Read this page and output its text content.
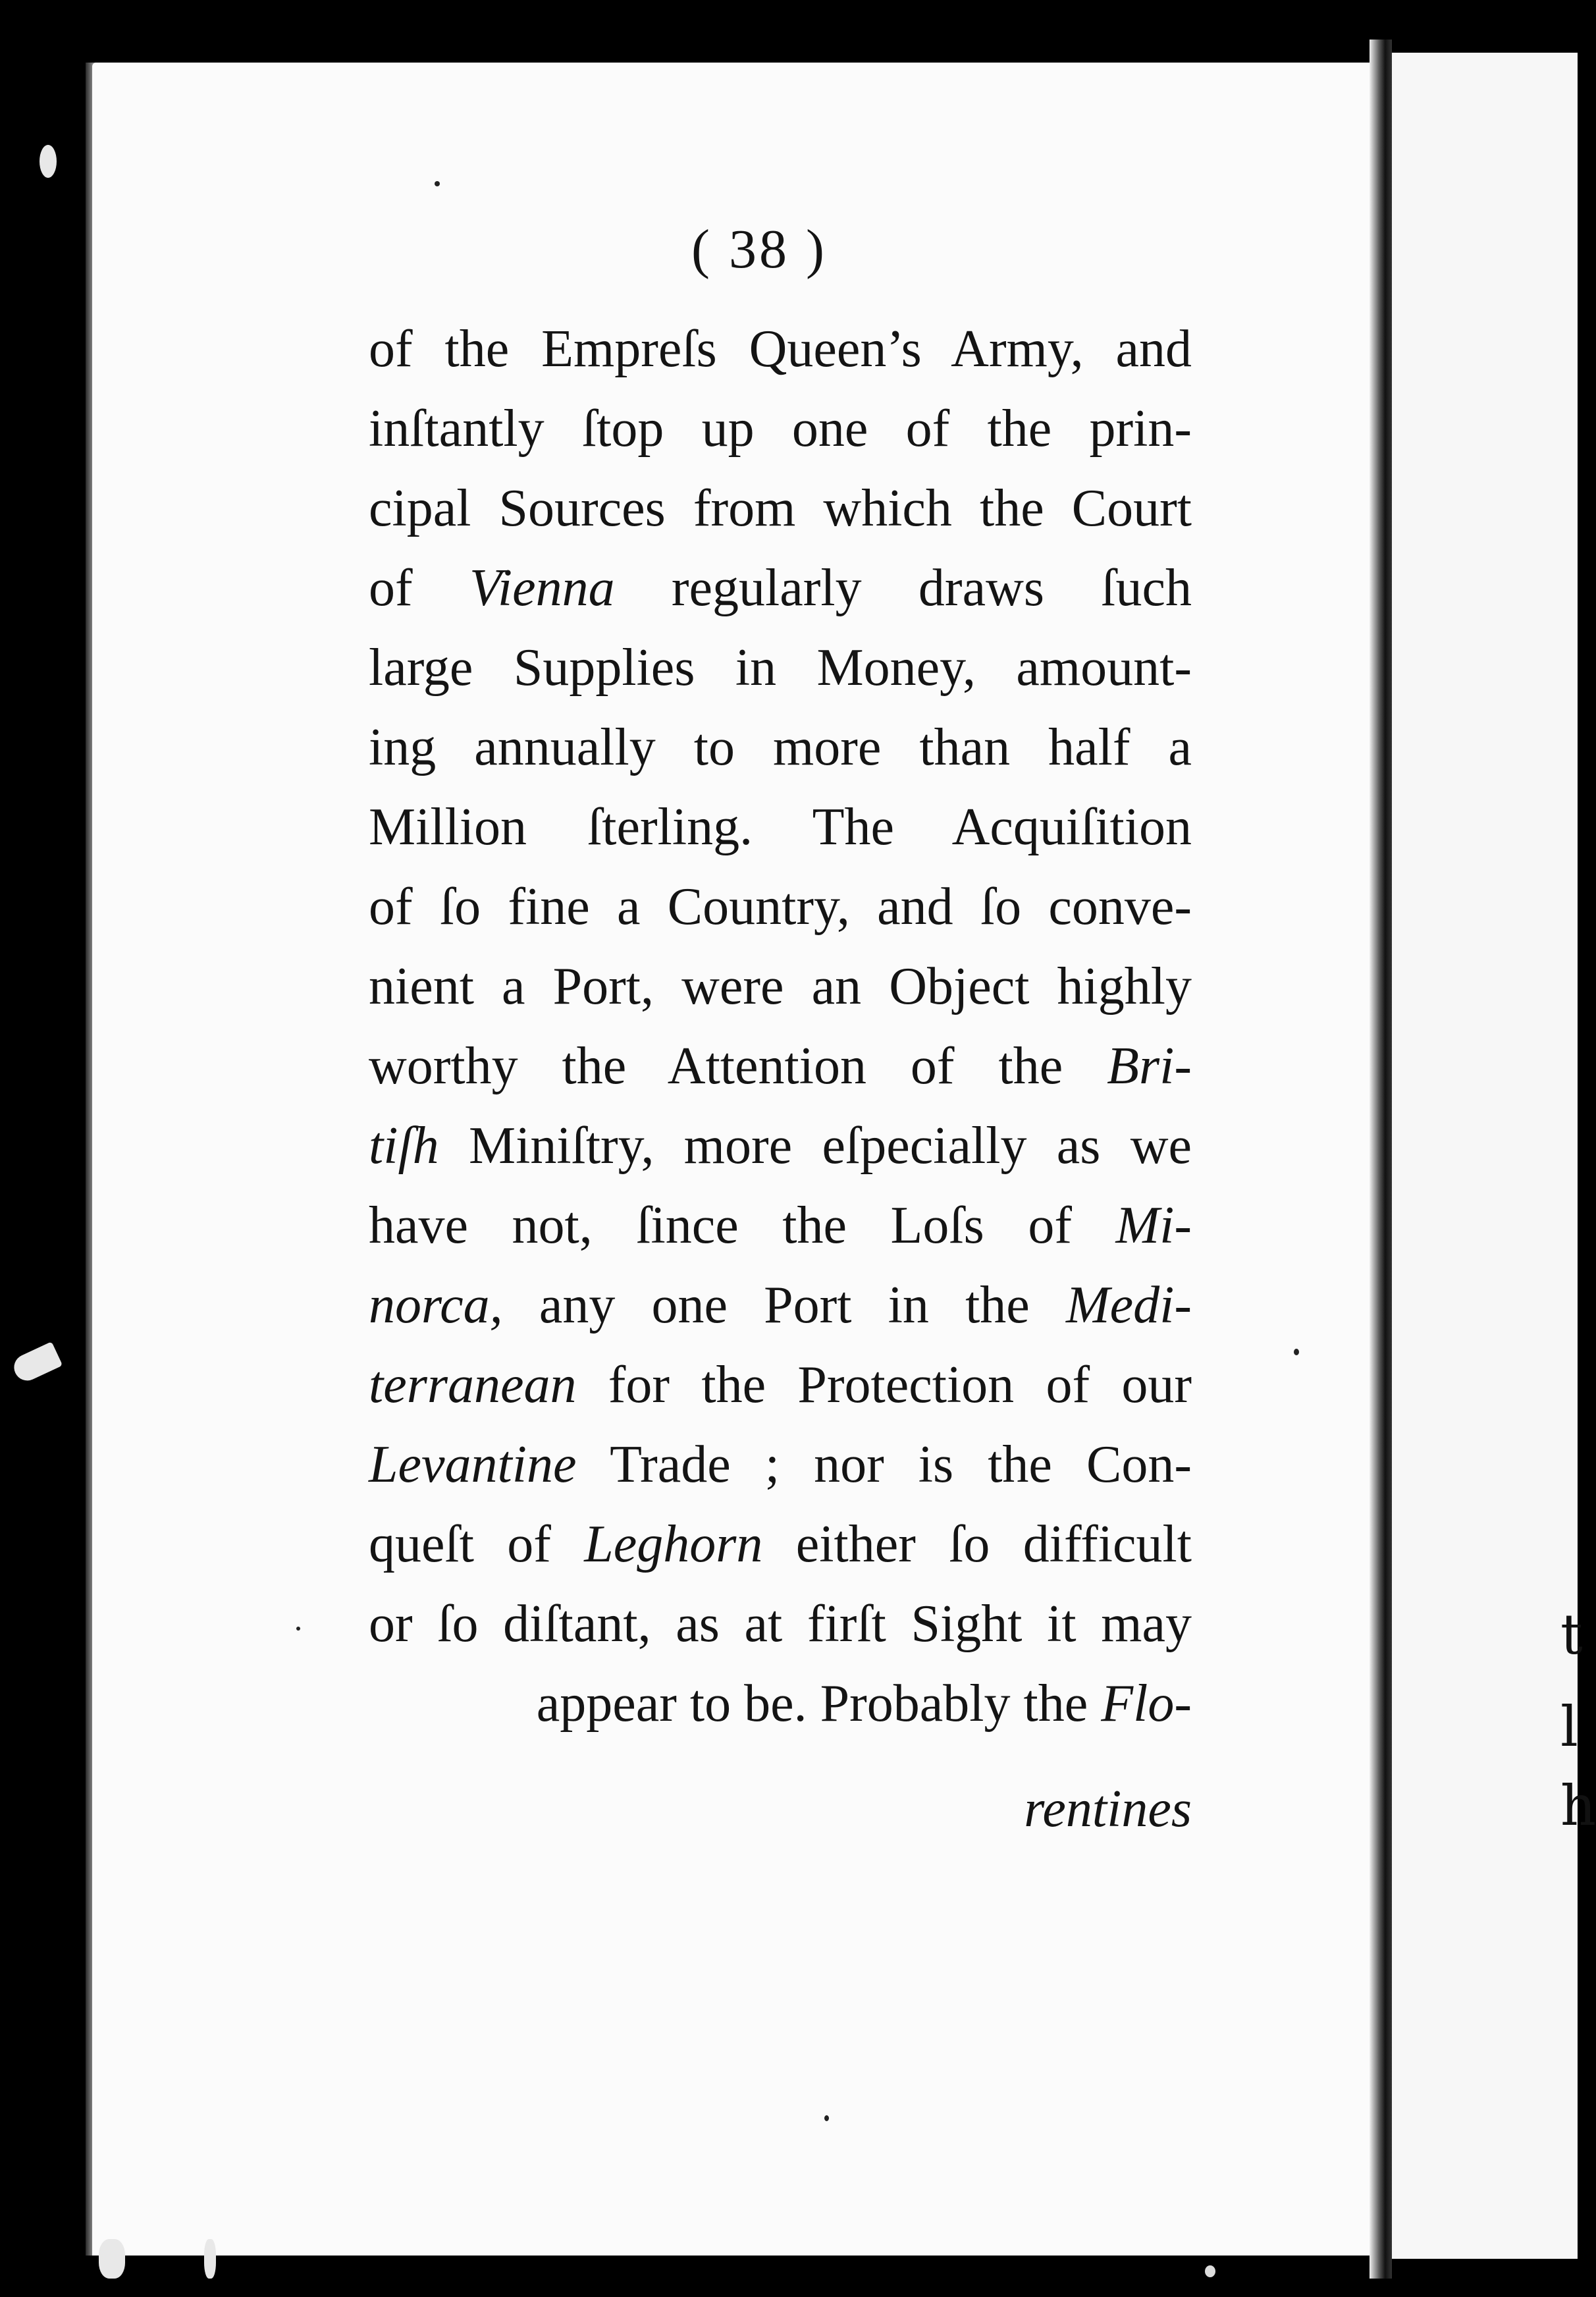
( 38 )
of the Empreſs Queen’s Army, and
inſtantly ſtop up one of the prin-
cipal Sources from which the Court
of Vienna regularly draws ſuch
large Supplies in Money, amount-
ing annually to more than half a
Million ſterling. The Acquiſition
of ſo fine a Country, and ſo conve-
nient a Port, were an Object highly
worthy the Attention of the Bri-
tiſh Miniſtry, more eſpecially as we
have not, ſince the Loſs of Mi-
norca, any one Port in the Medi-
terranean for the Protection of our
Levantine Trade ; nor is the Con-
queſt of Leghorn either ſo difficult
or ſo diſtant, as at firſt Sight it may
appear to be. Probably the Flo-
rentines
t
l
h
